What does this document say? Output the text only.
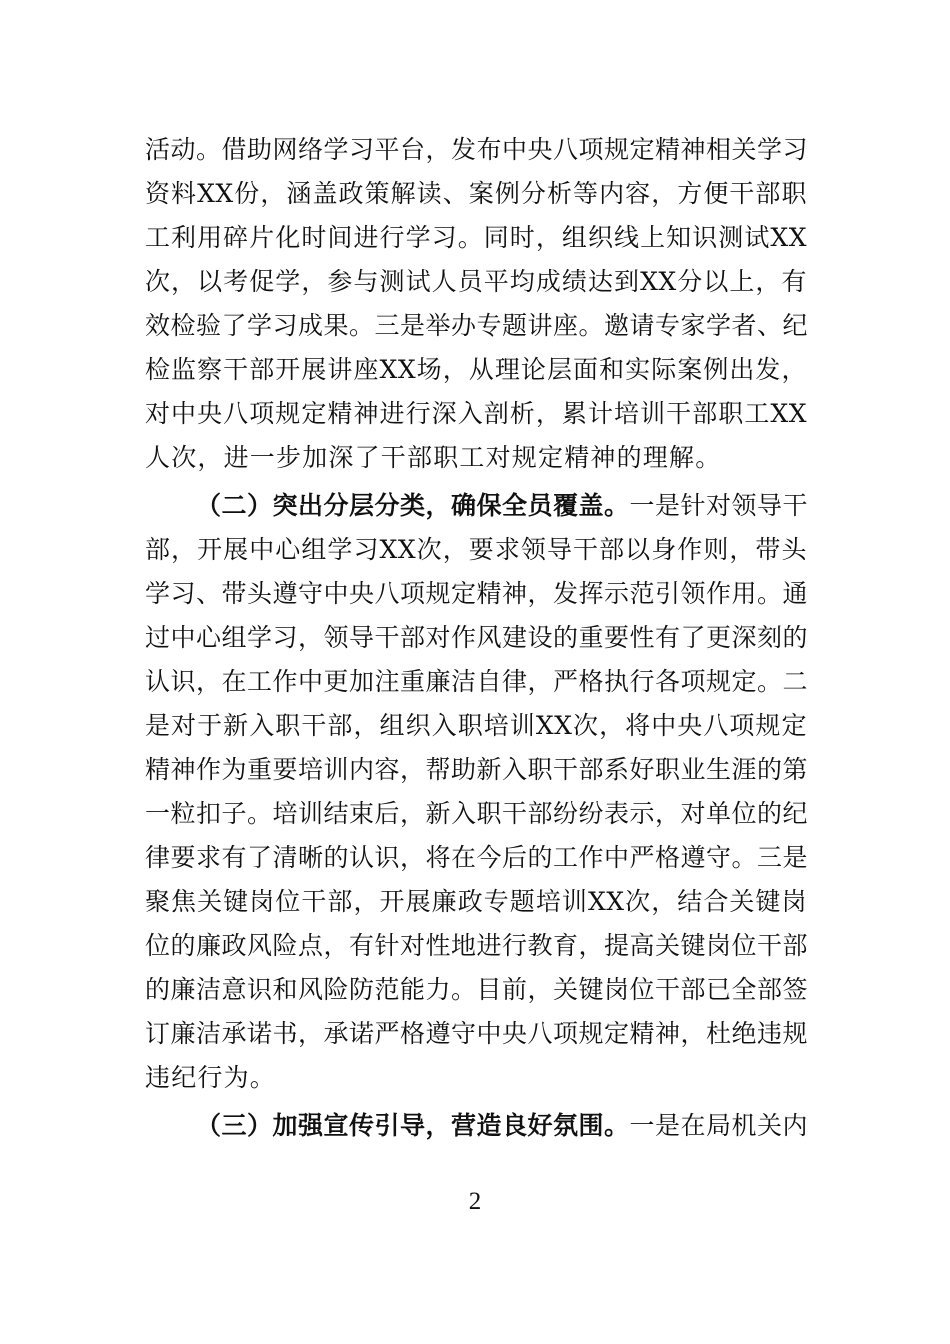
活动。借助网络学习平台，发布中央八项规定精神相关学习
资料XX份，涵盖政策解读、案例分析等内容，方便干部职
工利用碎片化时间进行学习。同时，组织线上知识测试XX
次，以考促学，参与测试人员平均成绩达到XX分以上，有
效检验了学习成果。三是举办专题讲座。邀请专家学者、纪
检监察干部开展讲座XX场，从理论层面和实际案例出发，
对中央八项规定精神进行深入剖析，累计培训干部职工XX
人次，进一步加深了干部职工对规定精神的理解。
（二）突出分层分类，确保全员覆盖。一是针对领导干
部，开展中心组学习XX次，要求领导干部以身作则，带头
学习、带头遵守中央八项规定精神，发挥示范引领作用。通
过中心组学习，领导干部对作风建设的重要性有了更深刻的
认识，在工作中更加注重廉洁自律，严格执行各项规定。二
是对于新入职干部，组织入职培训XX次，将中央八项规定
精神作为重要培训内容，帮助新入职干部系好职业生涯的第
一粒扣子。培训结束后，新入职干部纷纷表示，对单位的纪
律要求有了清晰的认识，将在今后的工作中严格遵守。三是
聚焦关键岗位干部，开展廉政专题培训XX次，结合关键岗
位的廉政风险点，有针对性地进行教育，提高关键岗位干部
的廉洁意识和风险防范能力。目前，关键岗位干部已全部签
订廉洁承诺书，承诺严格遵守中央八项规定精神，杜绝违规
违纪行为。
（三）加强宣传引导，营造良好氛围。一是在局机关内
2
